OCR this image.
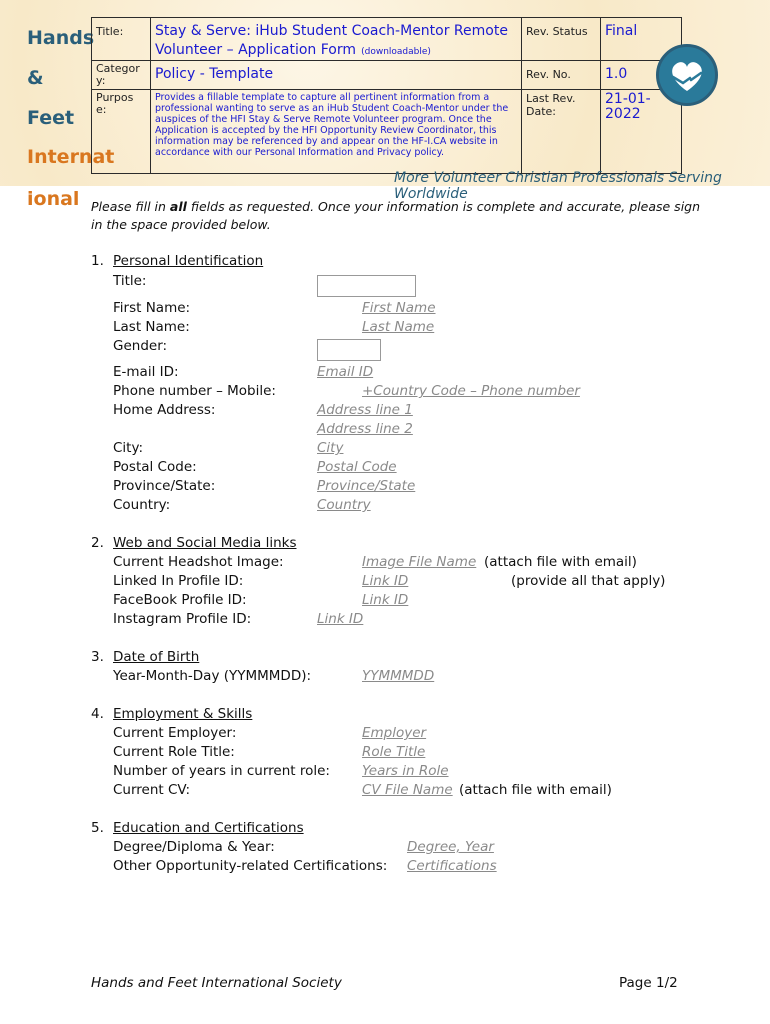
Hands
&
Feet
Internat
ional
Title:	Stay & Serve: iHub Student Coach-Mentor Remote Volunteer – Application Form (downloadable)	Rev. Status	Final

Category:	Policy - Template	Rev. No.	1.0

Purpose:	Provides a fillable template to capture all pertinent information from a professional wanting to serve as an iHub Student Coach-Mentor under the auspices of the HFI Stay & Serve Remote Volunteer program. Once the Application is accepted by the HFI Opportunity Review Coordinator, this information may be referenced by and appear on the HF-I.CA website in accordance with our Personal Information and Privacy policy.	Last Rev. Date:	21-01-2022
More Volunteer Christian Professionals Serving Worldwide
Please fill in all fields as requested. Once your information is complete and accurate, please sign in the space provided below.
1. Personal Identification
Title:
First Name:	First Name
Last Name:	Last Name
Gender:
E-mail ID:	Email ID
Phone number – Mobile:	+Country Code – Phone number
Home Address:	Address line 1
Address line 2
City:	City
Postal Code:	Postal Code
Province/State:	Province/State
Country:	Country
2. Web and Social Media links
Current Headshot Image:	Image File Name (attach file with email)
Linked In Profile ID:	Link ID	(provide all that apply)
FaceBook Profile ID:	Link ID
Instagram Profile ID:	Link ID
3. Date of Birth
Year-Month-Day (YYMMMDD):	YYMMMDD
4. Employment & Skills
Current Employer:	Employer
Current Role Title:	Role Title
Number of years in current role: Years in Role
Current CV:	CV File Name (attach file with email)
5. Education and Certifications
Degree/Diploma & Year:	Degree, Year
Other Opportunity-related Certifications: Certifications
Hands and Feet International Society	Page 1/2
